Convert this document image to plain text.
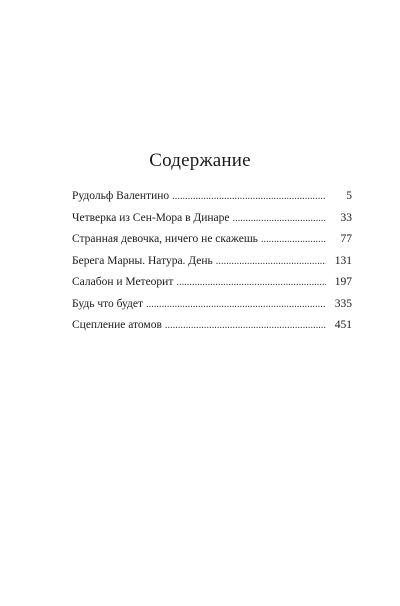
Содержание
Рудольф Валентино . . .	5
Четверка из Сен-Мора в Динаре . . .	33
Странная девочка, ничего не скажешь . . .	77
Берега Марны. Натура. День . . .	131
Салабон и Метеорит . . .	197
Будь что будет . . .	335
Сцепление атомов . . .	451
